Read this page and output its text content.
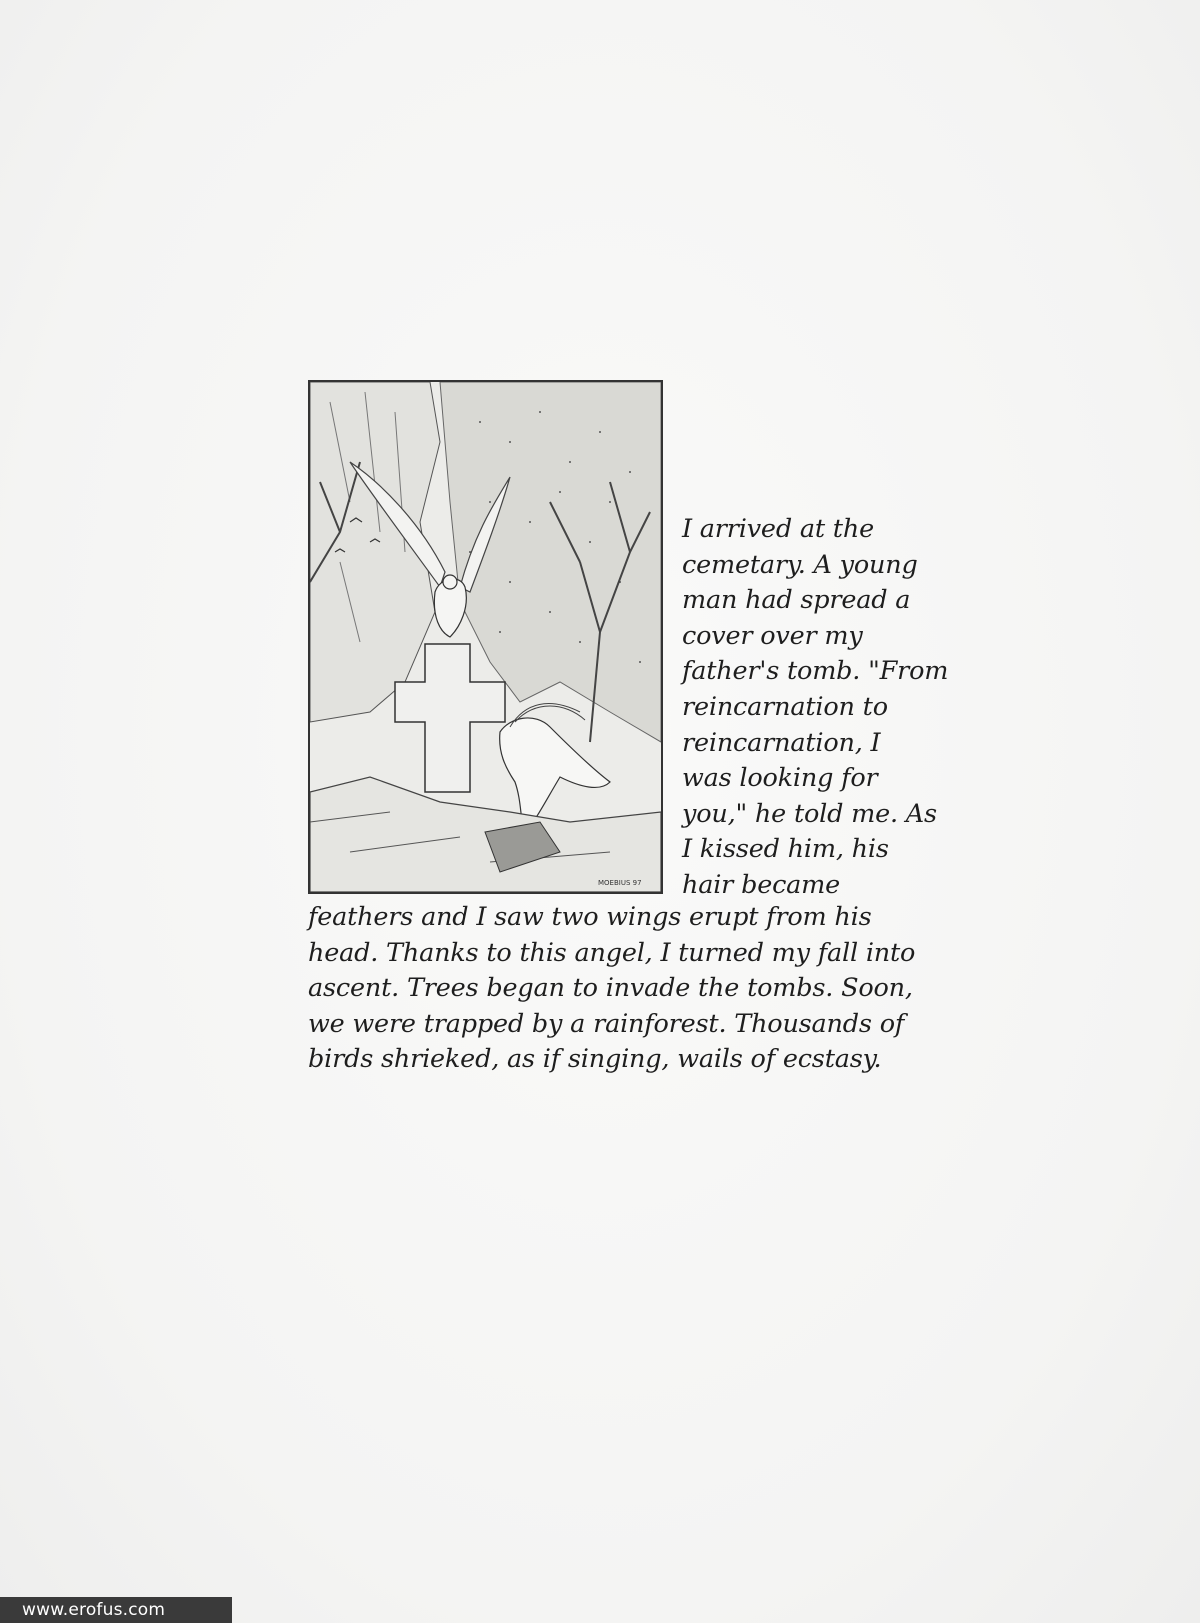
MOEBIUS 97
I arrived at the
cemetary. A young
man had spread a
cover over my
father's tomb. "From
reincarnation to
reincarnation, I
was looking for
you," he told me. As
I kissed him, his
hair became
feathers and I saw two wings erupt from his
head. Thanks to this angel, I turned my fall into
ascent. Trees began to invade the tombs. Soon,
we were trapped by a rainforest. Thousands of
birds shrieked, as if singing, wails of ecstasy.
www.erofus.com
